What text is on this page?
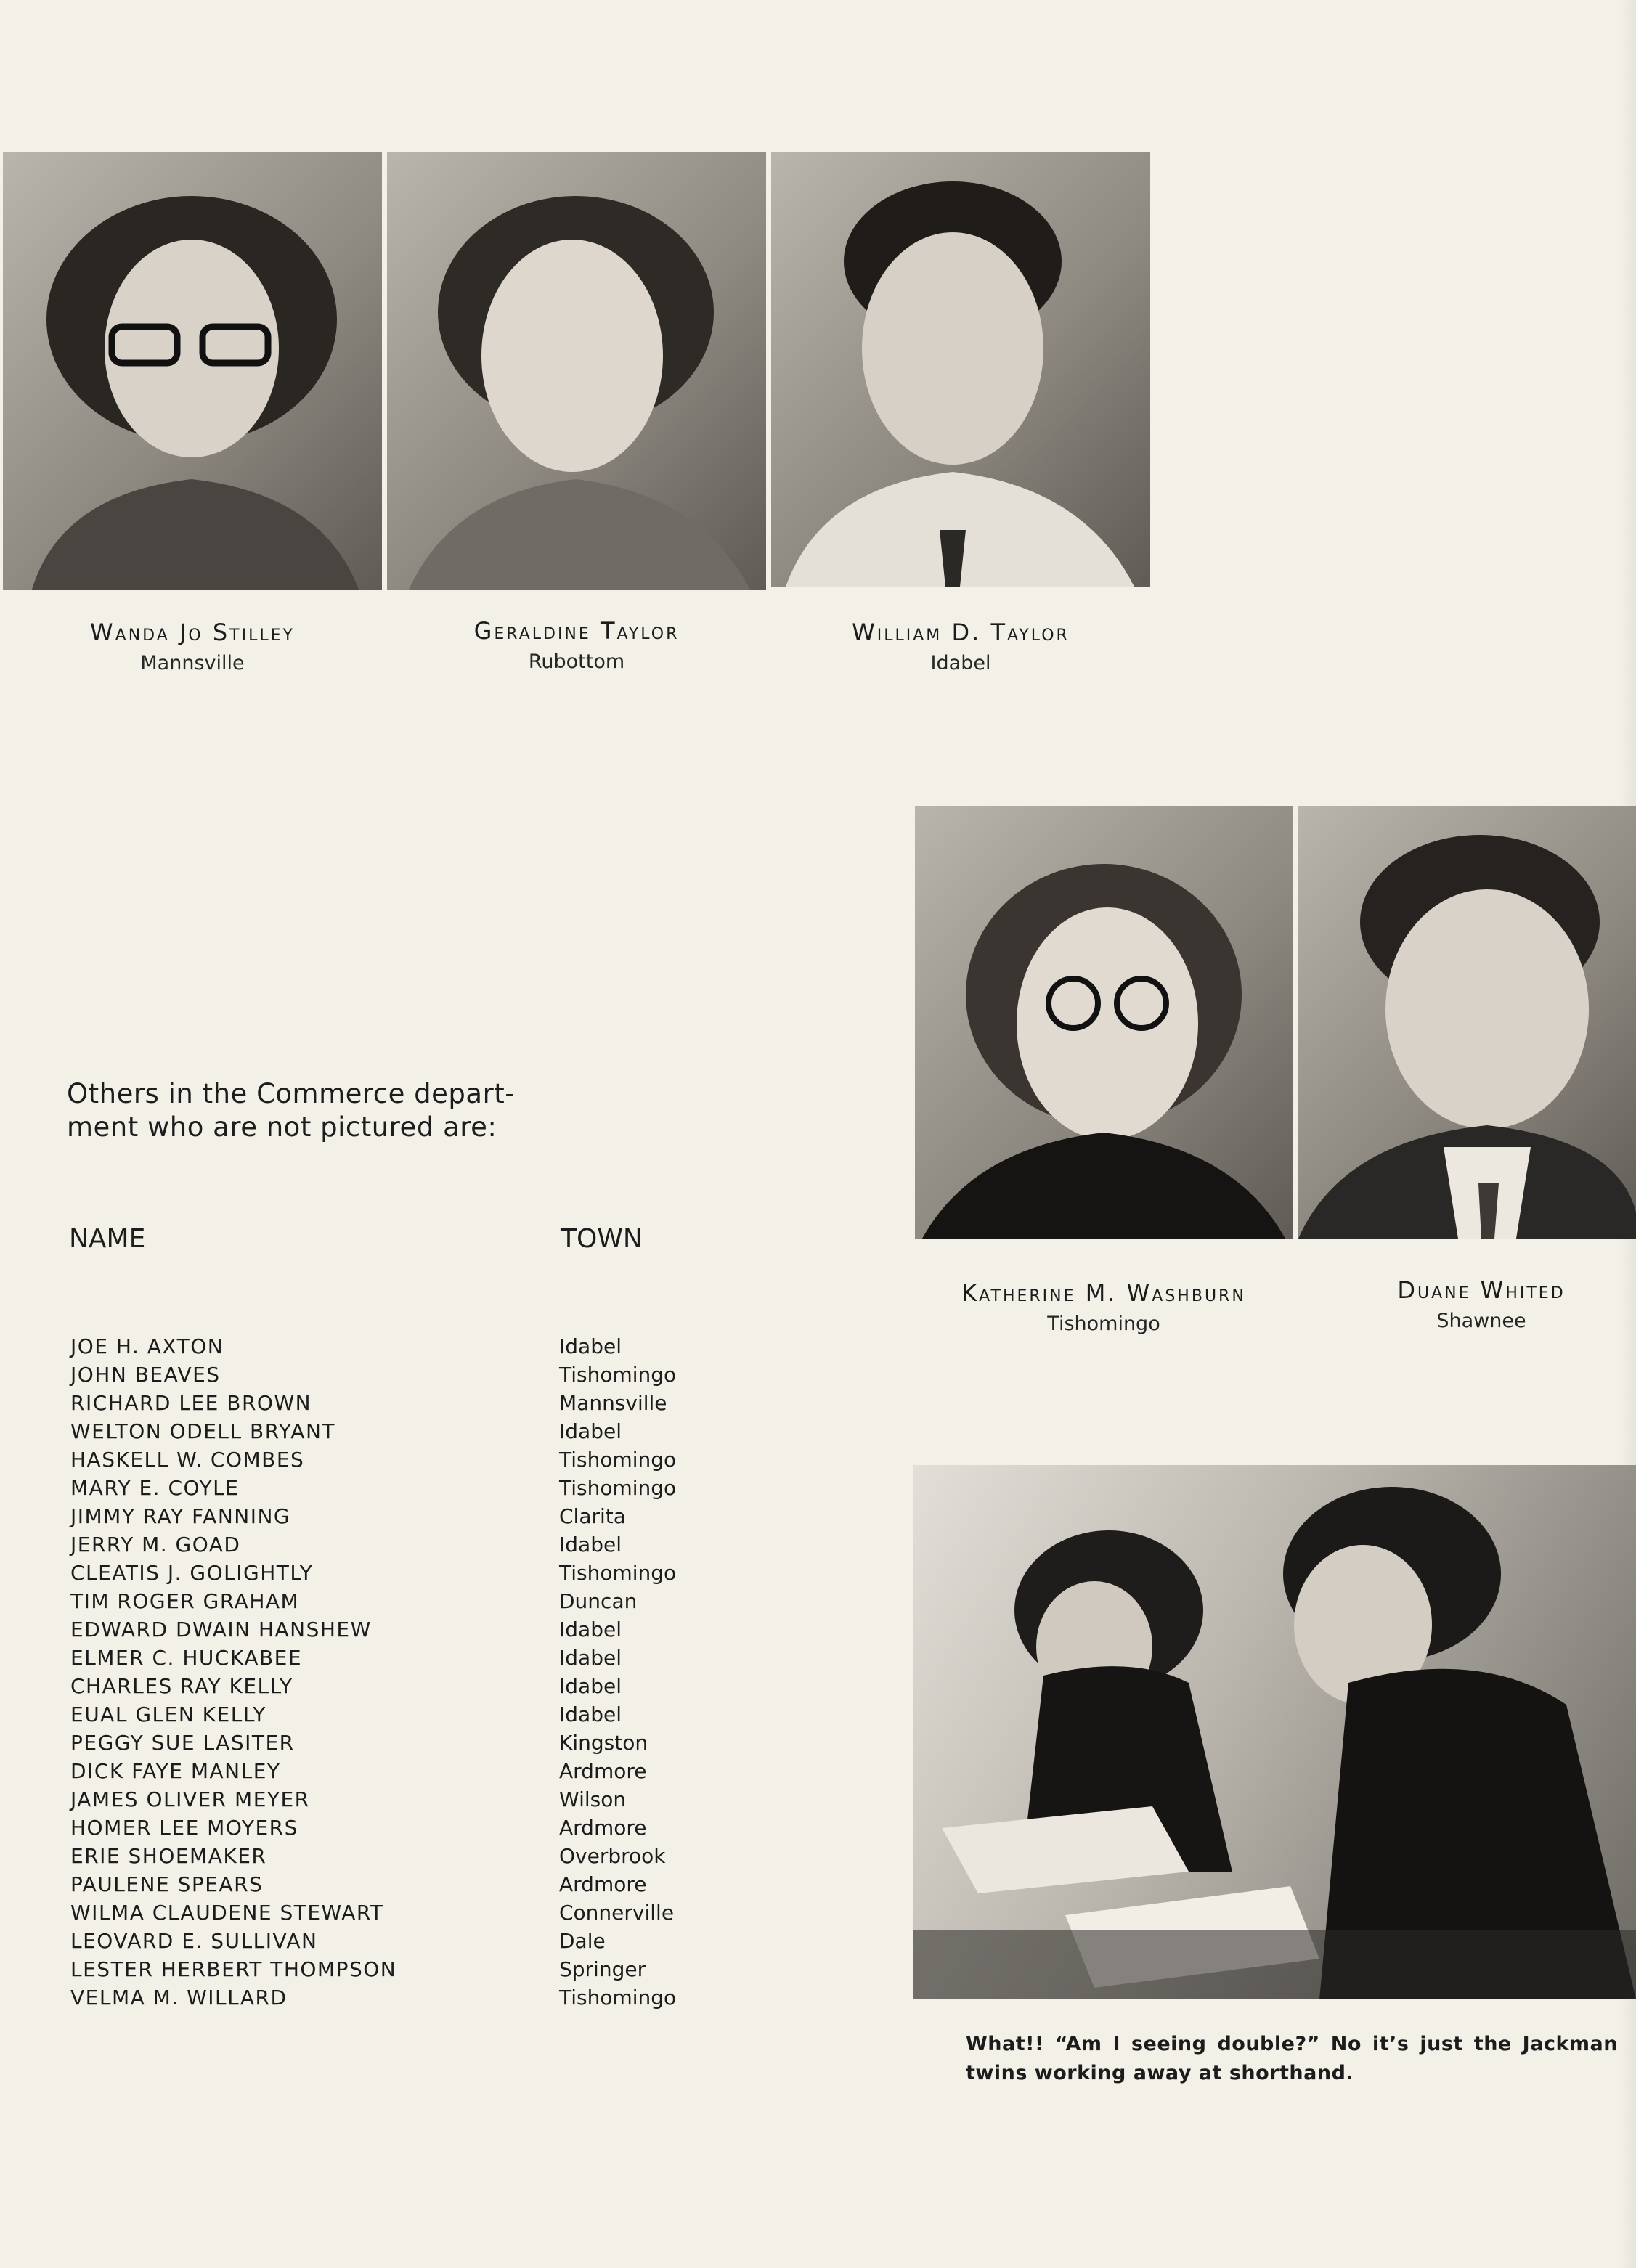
Wanda Jo Stilley
Mannsville
Geraldine Taylor
Rubottom
William D. Taylor
Idabel
Katherine M. Washburn
Tishomingo
Duane Whited
Shawnee
Others in the Commerce depart-
ment who are not pictured are:
NAME	TOWN
JOE H. AXTON
JOHN BEAVES
RICHARD LEE BROWN
WELTON ODELL BRYANT
HASKELL W. COMBES
MARY E. COYLE
JIMMY RAY FANNING
JERRY M. GOAD
CLEATIS J. GOLIGHTLY
TIM ROGER GRAHAM
EDWARD DWAIN HANSHEW
ELMER C. HUCKABEE
CHARLES RAY KELLY
EUAL GLEN KELLY
PEGGY SUE LASITER
DICK FAYE MANLEY
JAMES OLIVER MEYER
HOMER LEE MOYERS
ERIE SHOEMAKER
PAULENE SPEARS
WILMA CLAUDENE STEWART
LEOVARD E. SULLIVAN
LESTER HERBERT THOMPSON
VELMA M. WILLARD
Idabel
Tishomingo
Mannsville
Idabel
Tishomingo
Tishomingo
Clarita
Idabel
Tishomingo
Duncan
Idabel
Idabel
Idabel
Idabel
Kingston
Ardmore
Wilson
Ardmore
Overbrook
Ardmore
Connerville
Dale
Springer
Tishomingo
What!! “Am I seeing double?” No it’s just the Jackman twins working away at shorthand.
